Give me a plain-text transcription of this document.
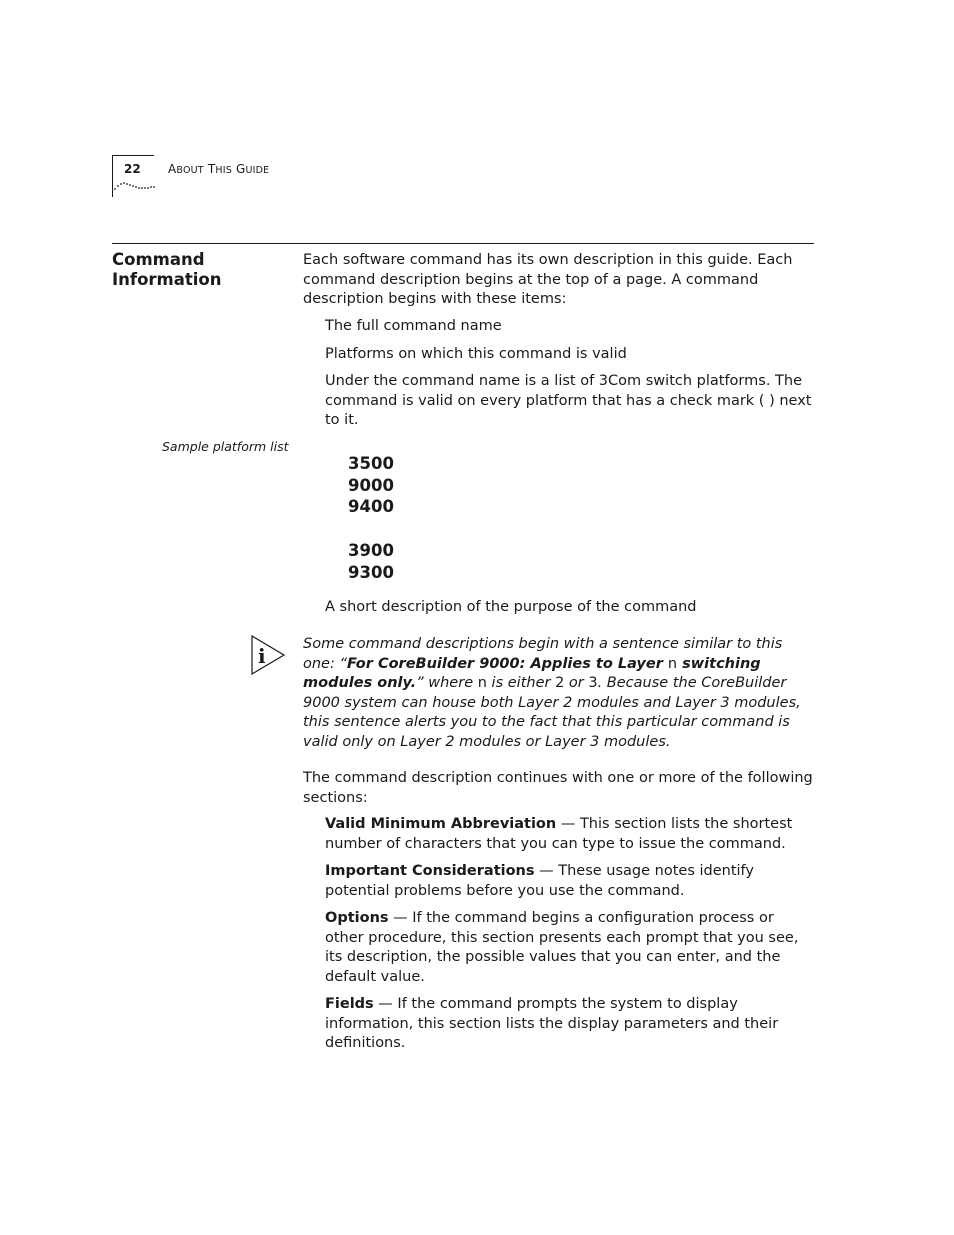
22 ABOUT THIS GUIDE
Command
Information
Each software command has its own description in this guide. Each command description begins at the top of a page. A command description begins with these items:
The full command name
Platforms on which this command is valid
Under the command name is a list of 3Com switch platforms. The command is valid on every platform that has a check mark ( ) next to it.
Sample platform list
3500
9000
9400
3900
9300
A short description of the purpose of the command
i	Some command descriptions begin with a sentence similar to this one: “For CoreBuilder 9000: Applies to Layer n switching modules only.” where n is either 2 or 3. Because the CoreBuilder 9000 system can house both Layer 2 modules and Layer 3 modules, this sentence alerts you to the fact that this particular command is valid only on Layer 2 modules or Layer 3 modules.
The command description continues with one or more of the following sections:
Valid Minimum Abbreviation — This section lists the shortest number of characters that you can type to issue the command.
Important Considerations — These usage notes identify potential problems before you use the command.
Options — If the command begins a configuration process or other procedure, this section presents each prompt that you see, its description, the possible values that you can enter, and the default value.
Fields — If the command prompts the system to display information, this section lists the display parameters and their definitions.
